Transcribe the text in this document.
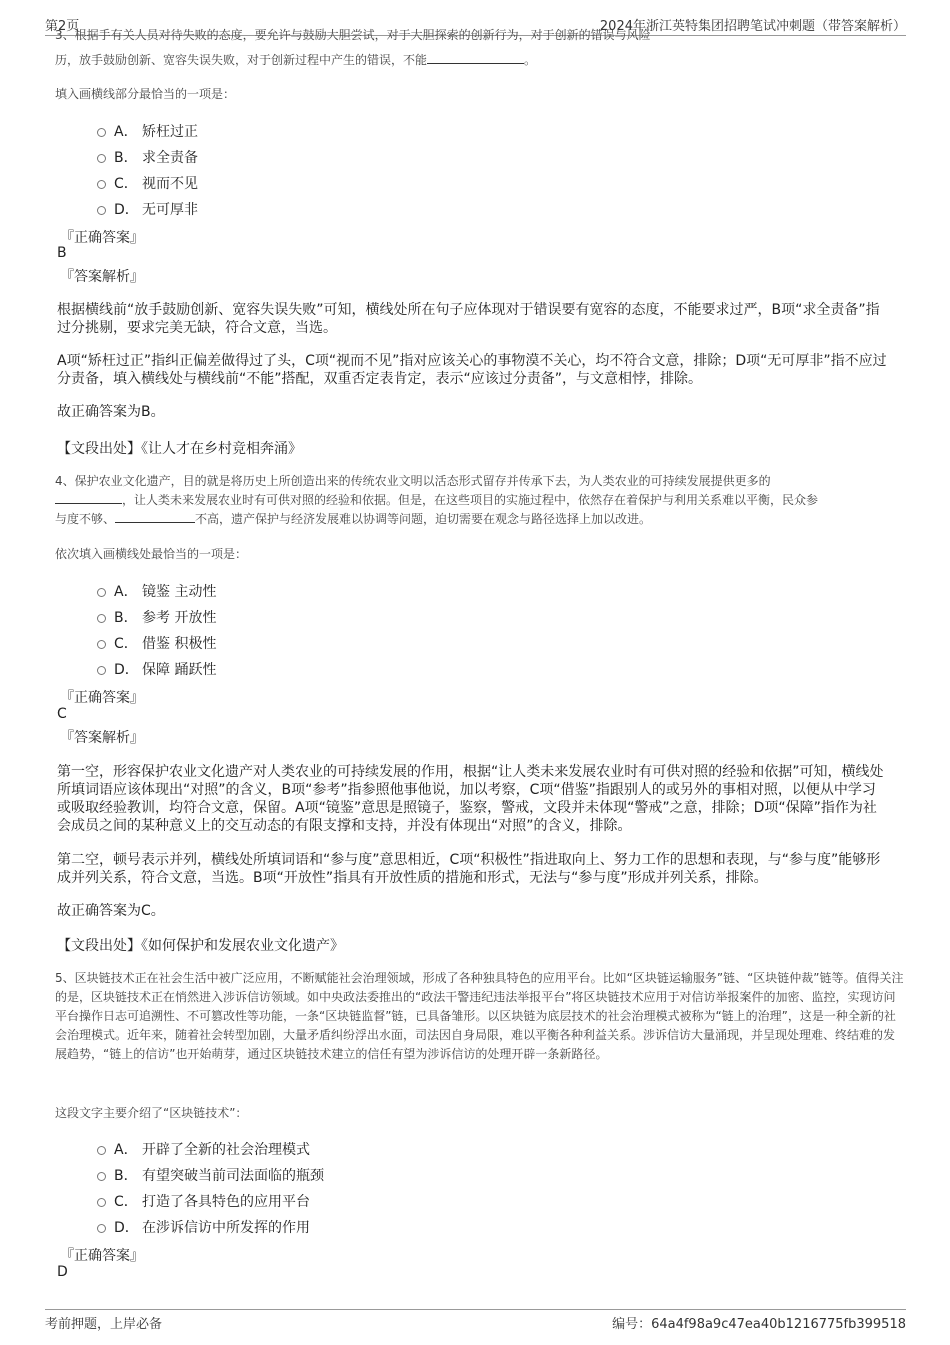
第2页	2024年浙江英特集团招聘笔试冲刺题（带答案解析）
3、根据手有关人员对待失败的态度，要允许与鼓励大胆尝试，对于大胆探索的创新行为，对于创新的错误与风险
历，放手鼓励创新、宽容失误失败，对于创新过程中产生的错误，不能	。
填入画横线部分最恰当的一项是：
A． 矫枉过正
B． 求全责备
C． 视而不见
D． 无可厚非
『正确答案』
B
『答案解析』
根据横线前“放手鼓励创新、宽容失误失败”可知，横线处所在句子应体现对于错误要有宽容的态度，不能要求过严，B项“求全责备”指过分挑剔，要求完美无缺，符合文意，当选。
A项“矫枉过正”指纠正偏差做得过了头，C项“视而不见”指对应该关心的事物漠不关心，均不符合文意，排除；D项“无可厚非”指不应过分责备，填入横线处与横线前“不能”搭配，双重否定表肯定，表示“应该过分责备”，与文意相悖，排除。
故正确答案为B。
【文段出处】《让人才在乡村竞相奔涌》
4、保护农业文化遗产，目的就是将历史上所创造出来的传统农业文明以活态形式留存并传承下去，为人类农业的可持续发展提供更多的
，让人类未来发展农业时有可供对照的经验和依据。但是，在这些项目的实施过程中，依然存在着保护与利用关系难以平衡，民众参
与度不够、	不高，遗产保护与经济发展难以协调等问题，迫切需要在观念与路径选择上加以改进。
依次填入画横线处最恰当的一项是：
A． 镜鉴 主动性
B． 参考 开放性
C． 借鉴 积极性
D． 保障 踊跃性
『正确答案』
C
『答案解析』
第一空，形容保护农业文化遗产对人类农业的可持续发展的作用，根据“让人类未来发展农业时有可供对照的经验和依据”可知，横线处所填词语应该体现出“对照”的含义，B项“参考”指参照他事他说，加以考察，C项“借鉴”指跟别人的或另外的事相对照，以便从中学习或吸取经验教训，均符合文意，保留。A项“镜鉴”意思是照镜子，鉴察，警戒，文段并未体现“警戒”之意，排除；D项“保障”指作为社会成员之间的某种意义上的交互动态的有限支撑和支持，并没有体现出“对照”的含义，排除。
第二空，顿号表示并列，横线处所填词语和“参与度”意思相近，C项“积极性”指进取向上、努力工作的思想和表现，与“参与度”能够形成并列关系，符合文意，当选。B项“开放性”指具有开放性质的措施和形式，无法与“参与度”形成并列关系，排除。
故正确答案为C。
【文段出处】《如何保护和发展农业文化遗产》
5、区块链技术正在社会生活中被广泛应用，不断赋能社会治理领域，形成了各种独具特色的应用平台。比如“区块链运输服务”链、“区块链仲裁”链等。值得关注的是，区块链技术正在悄然进入涉诉信访领域。如中央政法委推出的“政法干警违纪违法举报平台”将区块链技术应用于对信访举报案件的加密、监控，实现访问平台操作日志可追溯性、不可篡改性等功能，一条“区块链监督”链，已具备雏形。以区块链为底层技术的社会治理模式被称为“链上的治理”，这是一种全新的社会治理模式。近年来，随着社会转型加剧，大量矛盾纠纷浮出水面，司法因自身局限，难以平衡各种利益关系。涉诉信访大量涌现，并呈现处理难、终结难的发展趋势，“链上的信访”也开始萌芽，通过区块链技术建立的信任有望为涉诉信访的处理开辟一条新路径。
这段文字主要介绍了“区块链技术”：
A． 开辟了全新的社会治理模式
B． 有望突破当前司法面临的瓶颈
C． 打造了各具特色的应用平台
D． 在涉诉信访中所发挥的作用
『正确答案』
D
考前押题，上岸必备	编号：64a4f98a9c47ea40b1216775fb399518
